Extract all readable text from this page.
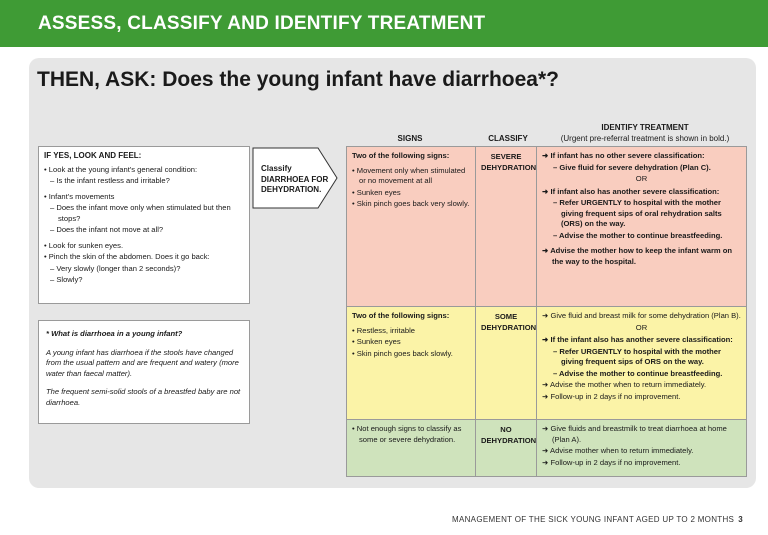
ASSESS, CLASSIFY AND IDENTIFY TREATMENT
THEN, ASK: Does the young infant have diarrhoea*?
SIGNS	CLASSIFY
IDENTIFY TREATMENT
(Urgent pre-referral treatment is shown in bold.)
IF YES, LOOK AND FEEL:
• Look at the young infant's general condition:
– Is the infant restless and irritable?
• Infant's movements
– Does the infant move only when stimulated but then stops?
– Does the infant not move at all?
• Look for sunken eyes.
• Pinch the skin of the abdomen. Does it go back:
– Very slowly (longer than 2 seconds)?
– Slowly?
Classify DIARRHOEA FOR DEHYDRATION.
* What is diarrhoea in a young infant?
A young infant has diarrhoea if the stools have changed from the usual pattern and are frequent and watery (more water than faecal matter).
The frequent semi-solid stools of a breastfed baby are not diarrhoea.
Two of the following signs:
• Movement only when stimulated or no movement at all
• Sunken eyes
• Skin pinch goes back very slowly.
SEVERE DEHYDRATION
➜ If infant has no other severe classification:
– Give fluid for severe dehydration (Plan C).
OR
➜ If infant also has another severe classification:
– Refer URGENTLY to hospital with the mother giving frequent sips of oral rehydration salts (ORS) on the way.
– Advise the mother to continue breastfeeding.
➜ Advise the mother how to keep the infant warm on the way to the hospital.
Two of the following signs:
• Restless, irritable
• Sunken eyes
• Skin pinch goes back slowly.
SOME DEHYDRATION
➜ Give fluid and breast milk for some dehydration (Plan B).
OR
➜ If the infant also has another severe classification:
– Refer URGENTLY to hospital with the mother giving frequent sips of ORS on the way.
– Advise the mother to continue breastfeeding.
➜ Advise the mother when to return immediately.
➜ Follow-up in 2 days if no improvement.
• Not enough signs to classify as some or severe dehydration.
NO DEHYDRATION
➜ Give fluids and breastmilk to treat diarrhoea at home (Plan A).
➜ Advise mother when to return immediately.
➜ Follow-up in 2 days if no improvement.
MANAGEMENT OF THE SICK YOUNG INFANT AGED UP TO 2 MONTHS 3
